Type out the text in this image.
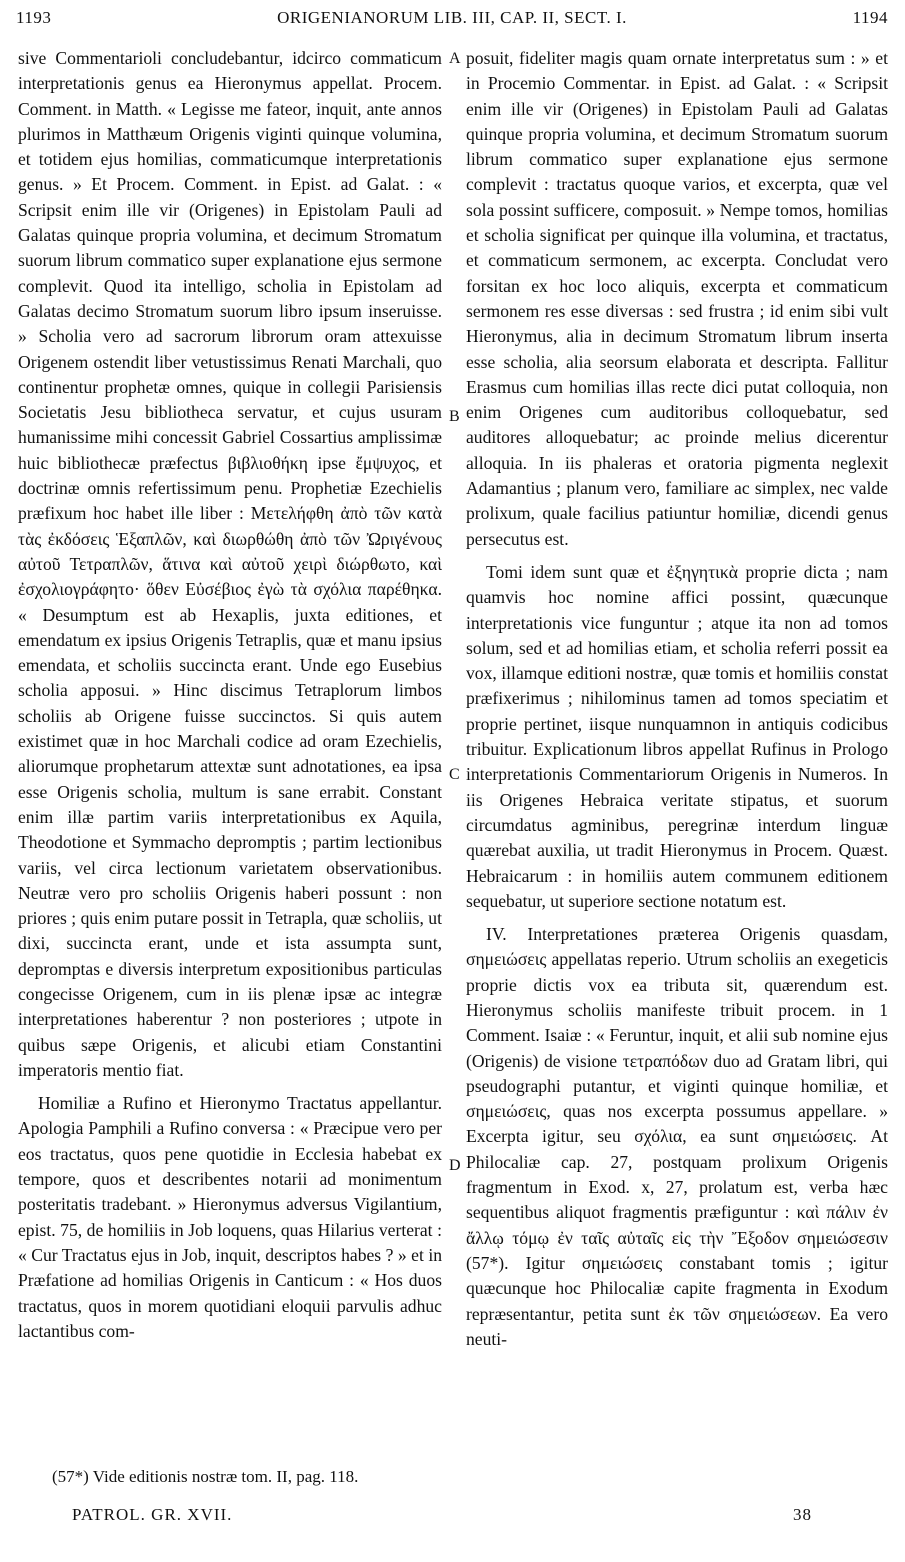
1193	ORIGENIANORUM LIB. III, CAP. II, SECT. I.	1194

sive Commentarioli concludebantur, idcirco commaticum interpretationis genus ea Hieronymus appellat. Procem. Comment. in Matth. « Legisse me fateor, inquit, ante annos plurimos in Matthæum Origenis viginti quinque volumina, et totidem ejus homilias, commaticumque interpretationis genus. » Et Procem. Comment. in Epist. ad Galat. : « Scripsit enim ille vir (Origenes) in Epistolam Pauli ad Galatas quinque propria volumina, et decimum Stromatum suorum librum commatico super explanatione ejus sermone complevit. Quod ita intelligo, scholia in Epistolam ad Galatas decimo Stromatum suorum libro ipsum inseruisse. » Scholia vero ad sacrorum librorum oram attexuisse Origenem ostendit liber vetustissimus Renati Marchali, quo continentur prophetæ omnes, quique in collegii Parisiensis Societatis Jesu bibliotheca servatur, et cujus usuram humanissime mihi concessit Gabriel Cossartius amplissimæ huic bibliothecæ præfectus βιβλιοθήκη ipse ἔμψυχος, et doctrinæ omnis refertissimum penu. Prophetiæ Ezechielis præfixum hoc habet ille liber : Μετελήφθη ἀπὸ τῶν κατὰ τὰς ἐκδόσεις Ἑξαπλῶν, καὶ διωρθώθη ἀπὸ τῶν Ὠριγένους αὐτοῦ Τετραπλῶν, ἅτινα καὶ αὐτοῦ χειρὶ διώρθωτο, καὶ ἐσχολιογράφητο· ὅθεν Εὐσέβιος ἐγὼ τὰ σχόλια παρέθηκα. « Desumptum est ab Hexaplis, juxta editiones, et emendatum ex ipsius Origenis Tetraplis, quæ et manu ipsius emendata, et scholiis succincta erant. Unde ego Eusebius scholia apposui. » Hinc discimus Tetraplorum limbos scholiis ab Origene fuisse succinctos. Si quis autem existimet quæ in hoc Marchali codice ad oram Ezechielis, aliorumque prophetarum attextæ sunt adnotationes, ea ipsa esse Origenis scholia, multum is sane errabit. Constant enim illæ partim variis interpretationibus ex Aquila, Theodotione et Symmacho depromptis ; partim lectionibus variis, vel circa lectionum varietatem observationibus. Neutræ vero pro scholiis Origenis haberi possunt : non priores ; quis enim putare possit in Tetrapla, quæ scholiis, ut dixi, succincta erant, unde et ista assumpta sunt, depromptas e diversis interpretum expositionibus particulas congecisse Origenem, cum in iis plenæ ipsæ ac integræ interpretationes haberentur ? non posteriores ; utpote in quibus sæpe Origenis, et alicubi etiam Constantini imperatoris mentio fiat.

Homiliæ a Rufino et Hieronymo Tractatus appellantur. Apologia Pamphili a Rufino conversa : « Præcipue vero per eos tractatus, quos pene quotidie in Ecclesia habebat ex tempore, quos et describentes notarii ad monimentum posteritatis tradebant. » Hieronymus adversus Vigilantium, epist. 75, de homiliis in Job loquens, quas Hilarius verterat : « Cur Tractatus ejus in Job, inquit, descriptos habes ? » et in Præfatione ad homilias Origenis in Canticum : « Hos duos tractatus, quos in morem quotidiani eloquii parvulis adhuc lactantibus com-

A
B
C
D

posuit, fideliter magis quam ornate interpretatus sum : » et in Procemio Commentar. in Epist. ad Galat. : « Scripsit enim ille vir (Origenes) in Epistolam Pauli ad Galatas quinque propria volumina, et decimum Stromatum suorum librum commatico super explanatione ejus sermone complevit : tractatus quoque varios, et excerpta, quæ vel sola possint sufficere, composuit. » Nempe tomos, homilias et scholia significat per quinque illa volumina, et tractatus, et commaticum sermonem, ac excerpta. Concludat vero forsitan ex hoc loco aliquis, excerpta et commaticum sermonem res esse diversas : sed frustra ; id enim sibi vult Hieronymus, alia in decimum Stromatum librum inserta esse scholia, alia seorsum elaborata et descripta. Fallitur Erasmus cum homilias illas recte dici putat colloquia, non enim Origenes cum auditoribus colloquebatur, sed auditores alloquebatur; ac proinde melius dicerentur alloquia. In iis phaleras et oratoria pigmenta neglexit Adamantius ; planum vero, familiare ac simplex, nec valde prolixum, quale facilius patiuntur homiliæ, dicendi genus persecutus est.

Tomi idem sunt quæ et ἐξηγητικὰ proprie dicta ; nam quamvis hoc nomine affici possint, quæcunque interpretationis vice funguntur ; atque ita non ad tomos solum, sed et ad homilias etiam, et scholia referri possit ea vox, illamque editioni nostræ, quæ tomis et homiliis constat præfixerimus ; nihilominus tamen ad tomos speciatim et proprie pertinet, iisque nunquamnon in antiquis codicibus tribuitur. Explicationum libros appellat Rufinus in Prologo interpretationis Commentariorum Origenis in Numeros. In iis Origenes Hebraica veritate stipatus, et suorum circumdatus agminibus, peregrinæ interdum linguæ quærebat auxilia, ut tradit Hieronymus in Procem. Quæst. Hebraicarum : in homiliis autem communem editionem sequebatur, ut superiore sectione notatum est.

IV. Interpretationes præterea Origenis quasdam, σημειώσεις appellatas reperio. Utrum scholiis an exegeticis proprie dictis vox ea tributa sit, quærendum est. Hieronymus scholiis manifeste tribuit procem. in 1 Comment. Isaiæ : « Feruntur, inquit, et alii sub nomine ejus (Origenis) de visione τετραπόδων duo ad Gratam libri, qui pseudographi putantur, et viginti quinque homiliæ, et σημειώσεις, quas nos excerpta possumus appellare. » Excerpta igitur, seu σχόλια, ea sunt σημειώσεις. At Philocaliæ cap. 27, postquam prolixum Origenis fragmentum in Exod. x, 27, prolatum est, verba hæc sequentibus aliquot fragmentis præfiguntur : καὶ πάλιν ἐν ἄλλῳ τόμῳ ἐν ταῖς αὐταῖς εἰς τὴν Ἔξοδον σημειώσεσιν (57*). Igitur σημειώσεις constabant tomis ; igitur quæcunque hoc Philocaliæ capite fragmenta in Exodum repræsentantur, petita sunt ἐκ τῶν σημειώσεων. Ea vero neuti-

(57*) Vide editionis nostræ tom. II, pag. 118.
PATROL. GR. XVII.	38
